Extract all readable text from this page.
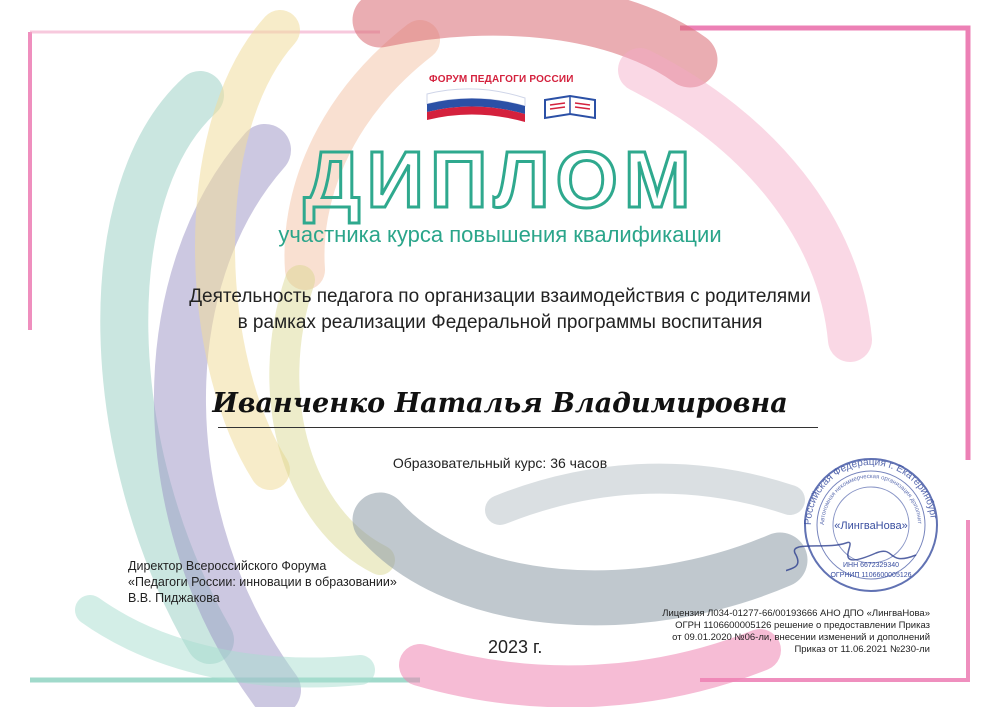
ФОРУМ ПЕДАГОГИ РОССИИ
ДИПЛОМ
участника курса повышения квалификации
Деятельность педагога по организации взаимодействия с родителями
в рамках реализации Федеральной программы воспитания
Иванченко Наталья Владимировна
Образовательный курс: 36 часов
Директор Всероссийского Форума
«Педагоги России: инновации в образовании»
В.В. Пиджакова
2023 г.
Российская Федерация г. Екатеринбург
Автономная некоммерческая организация дополнит
«ЛингваНова»
ИНН 6672329340
ОГРНИП 1106600005126
Лицензия Л034-01277-66/00193666 АНО ДПО «ЛингваНова»
ОГРН 1106600005126 решение о предоставлении Приказ
от 09.01.2020 №06-ли, внесении изменений и дополнений
Приказ от 11.06.2021 №230-ли
